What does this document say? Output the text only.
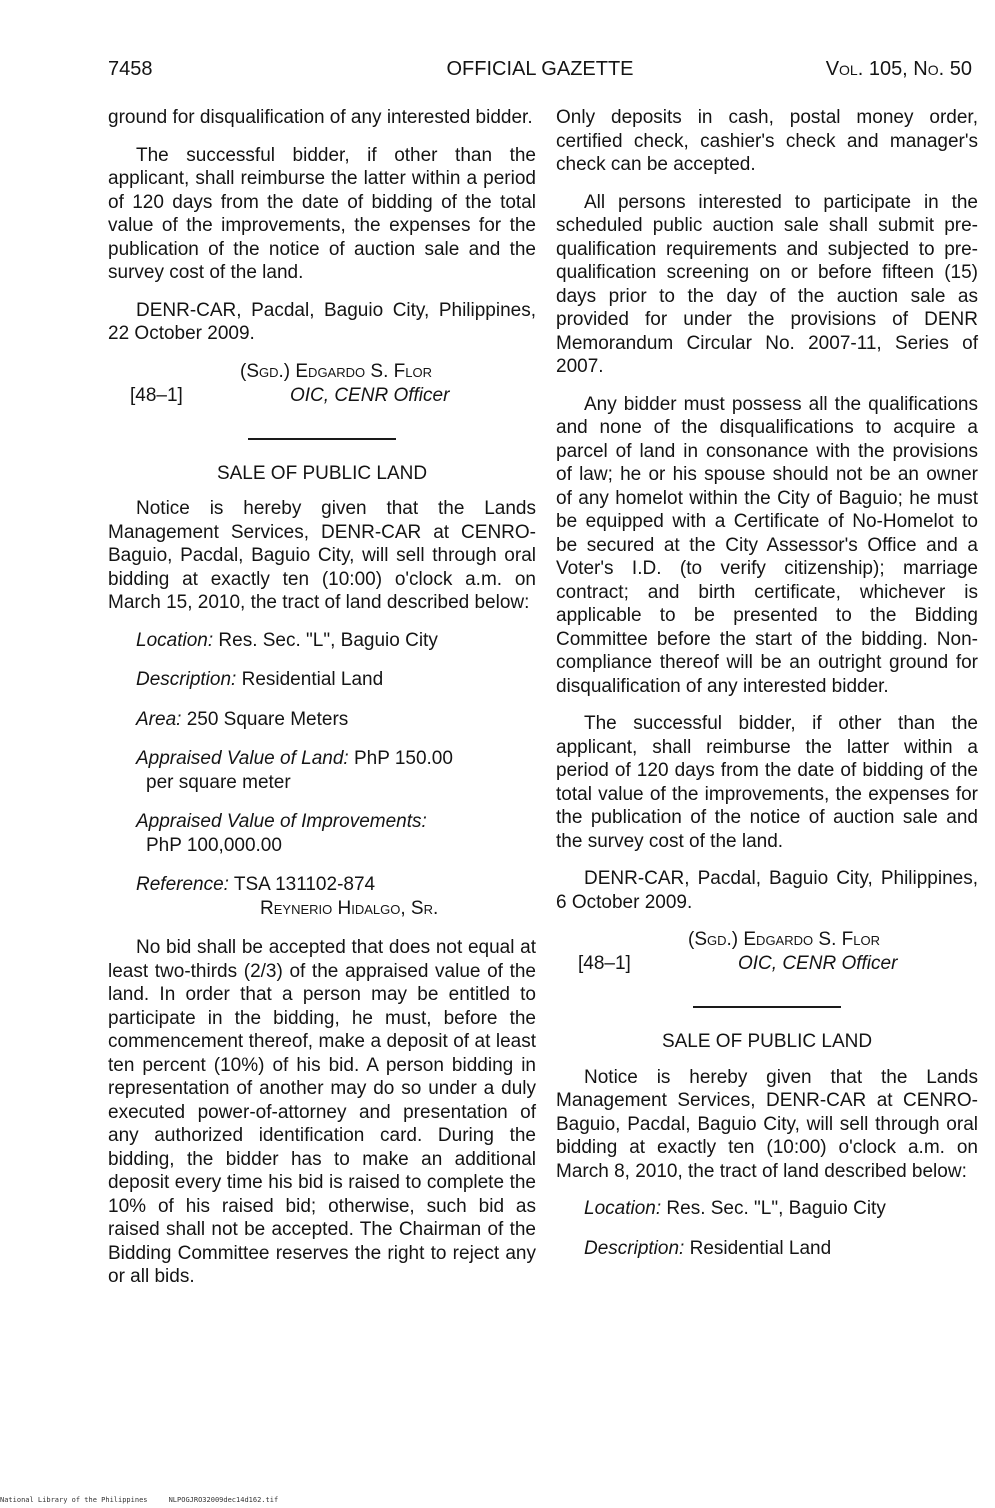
7458	OFFICIAL GAZETTE	Vol. 105, No. 50

ground for disqualification of any interested bidder.

The successful bidder, if other than the applicant, shall reimburse the latter within a period of 120 days from the date of bidding of the total value of the improvements, the expenses for the publication of the notice of auction sale and the survey cost of the land.

DENR-CAR, Pacdal, Baguio City, Philippines, 22 October 2009.

(Sgd.) Edgardo S. Flor
[48–1]	OIC, CENR Officer
SALE OF PUBLIC LAND

Notice is hereby given that the Lands Management Services, DENR-CAR at CENRO-Baguio, Pacdal, Baguio City, will sell through oral bidding at exactly ten (10:00) o'clock a.m. on March 15, 2010, the tract of land described below:

Location: Res. Sec. "L", Baguio City
Description: Residential Land
Area: 250 Square Meters
Appraised Value of Land: PhP 150.00
per square meter
Appraised Value of Improvements:
PhP 100,000.00
Reference: TSA 131102-874
Reynerio Hidalgo, Sr.

No bid shall be accepted that does not equal at least two-thirds (2/3) of the appraised value of the land. In order that a person may be entitled to participate in the bidding, he must, before the commencement thereof, make a deposit of at least ten percent (10%) of his bid. A person bidding in representation of another may do so under a duly executed power-of-attorney and presentation of any authorized identification card. During the bidding, the bidder has to make an additional deposit every time his bid is raised to complete the 10% of his raised bid; otherwise, such bid as raised shall not be accepted. The Chairman of the Bidding Committee reserves the right to reject any or all bids.

Only deposits in cash, postal money order, certified check, cashier's check and manager's check can be accepted.

All persons interested to participate in the scheduled public auction sale shall submit pre-qualification requirements and subjected to pre-qualification screening on or before fifteen (15) days prior to the day of the auction sale as provided for under the provisions of DENR Memorandum Circular No. 2007-11, Series of 2007.

Any bidder must possess all the qualifications and none of the disqualifications to acquire a parcel of land in consonance with the provisions of law; he or his spouse should not be an owner of any homelot within the City of Baguio; he must be equipped with a Certificate of No-Homelot to be secured at the City Assessor's Office and a Voter's I.D. (to verify citizenship); marriage contract; and birth certificate, whichever is applicable to be presented to the Bidding Committee before the start of the bidding. Non-compliance thereof will be an outright ground for disqualification of any interested bidder.

The successful bidder, if other than the applicant, shall reimburse the latter within a period of 120 days from the date of bidding of the total value of the improvements, the expenses for the publication of the notice of auction sale and the survey cost of the land.

DENR-CAR, Pacdal, Baguio City, Philippines, 6 October 2009.

(Sgd.) Edgardo S. Flor
[48–1]	OIC, CENR Officer
SALE OF PUBLIC LAND

Notice is hereby given that the Lands Management Services, DENR-CAR at CENRO-Baguio, Pacdal, Baguio City, will sell through oral bidding at exactly ten (10:00) o'clock a.m. on March 8, 2010, the tract of land described below:

Location: Res. Sec. "L", Baguio City
Description: Residential Land
National Library of the Philippines	NLPOGJRO32009dec14d162.tif
